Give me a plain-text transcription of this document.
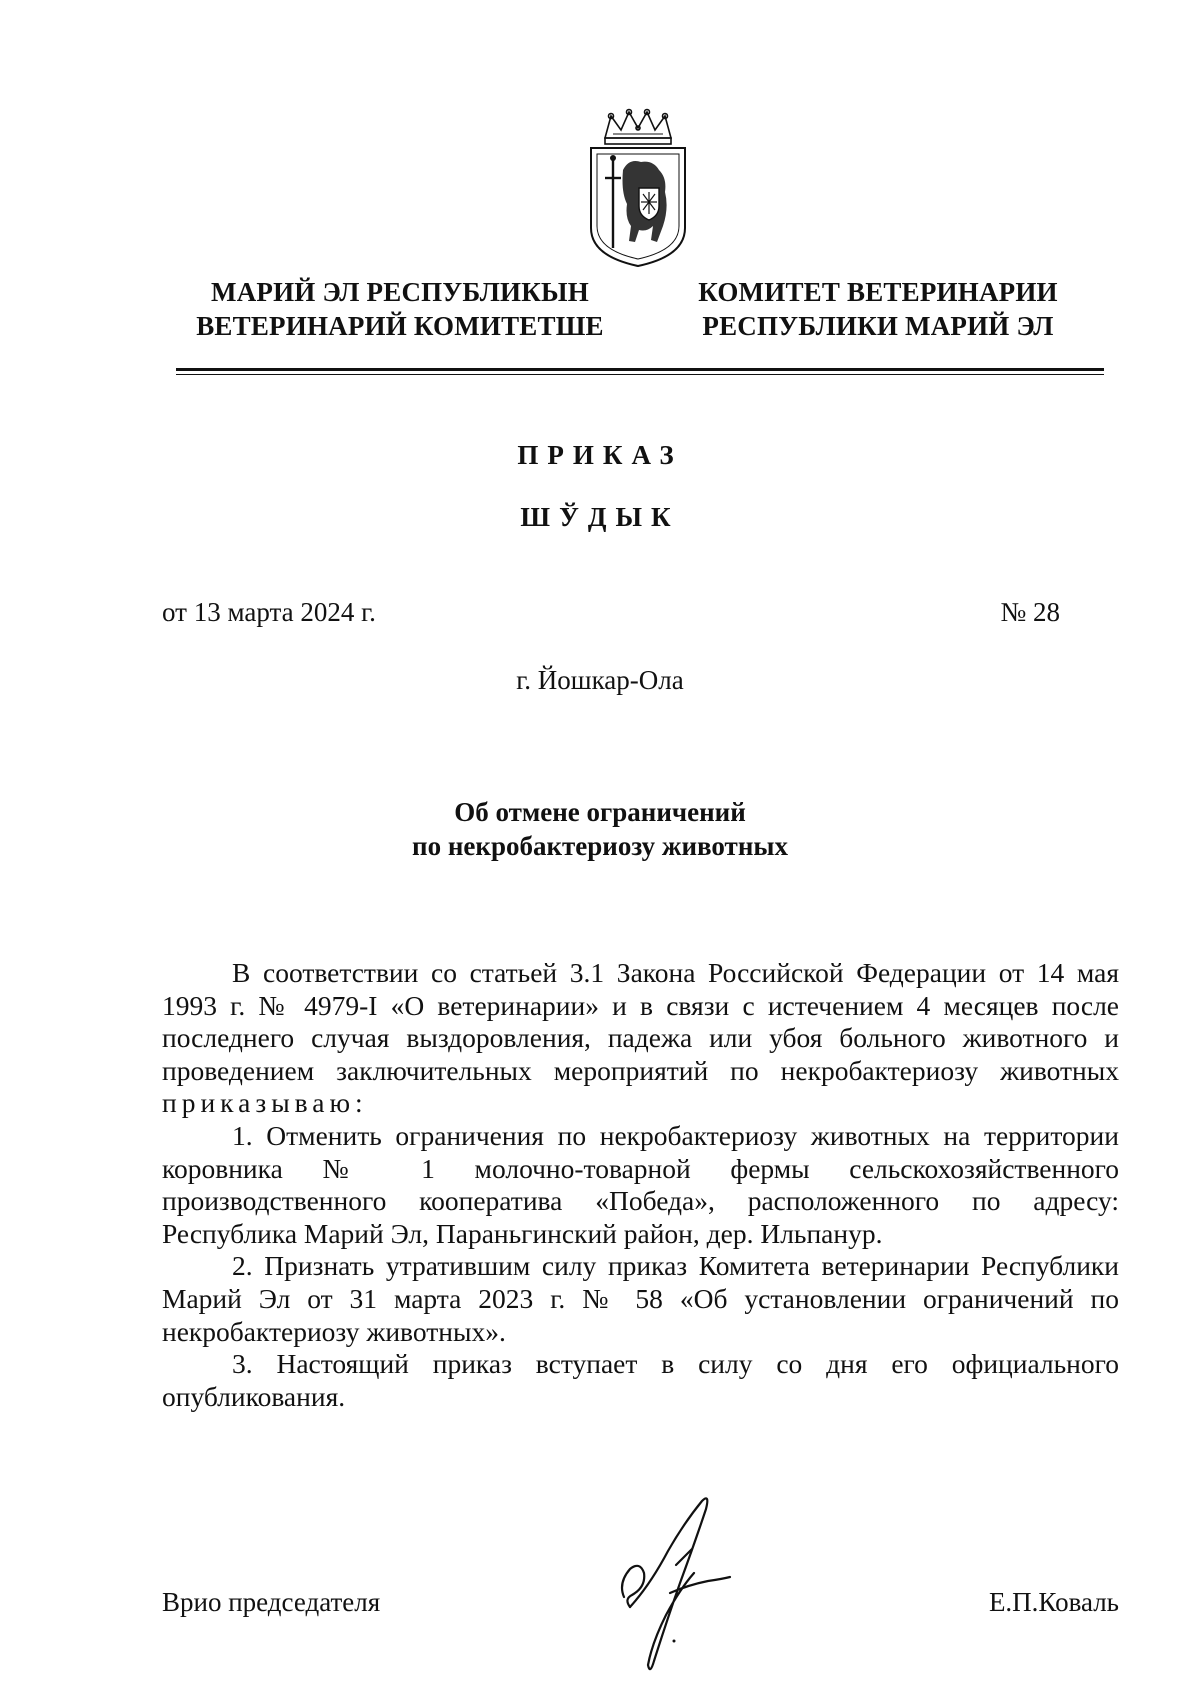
МАРИЙ ЭЛ РЕСПУБЛИКЫН
ВЕТЕРИНАРИЙ КОМИТЕТШЕ
КОМИТЕТ ВЕТЕРИНАРИИ
РЕСПУБЛИКИ МАРИЙ ЭЛ
ПРИКАЗ
ШЎДЫК
от 13 марта 2024 г.	№ 28
г. Йошкар-Ола
Об отмене ограничений
по некробактериозу животных

В соответствии со статьей 3.1 Закона Российской Федерации от 14 мая 1993 г. № 4979-I «О ветеринарии» и в связи с истечением 4 месяцев после последнего случая выздоровления, падежа или убоя больного животного и проведением заключительных мероприятий по некробактериозу животных приказываю:

1. Отменить ограничения по некробактериозу животных на территории коровника № 1 молочно-товарной фермы сельскохозяйственного производственного кооператива «Победа», расположенного по адресу: Республика Марий Эл, Параньгинский район, дер. Ильпанур.

2. Признать утратившим силу приказ Комитета ветеринарии Республики Марий Эл от 31 марта 2023 г. № 58 «Об установлении ограничений по некробактериозу животных».

3. Настоящий приказ вступает в силу со дня его официального опубликования.

Врио председателя	Е.П.Коваль
